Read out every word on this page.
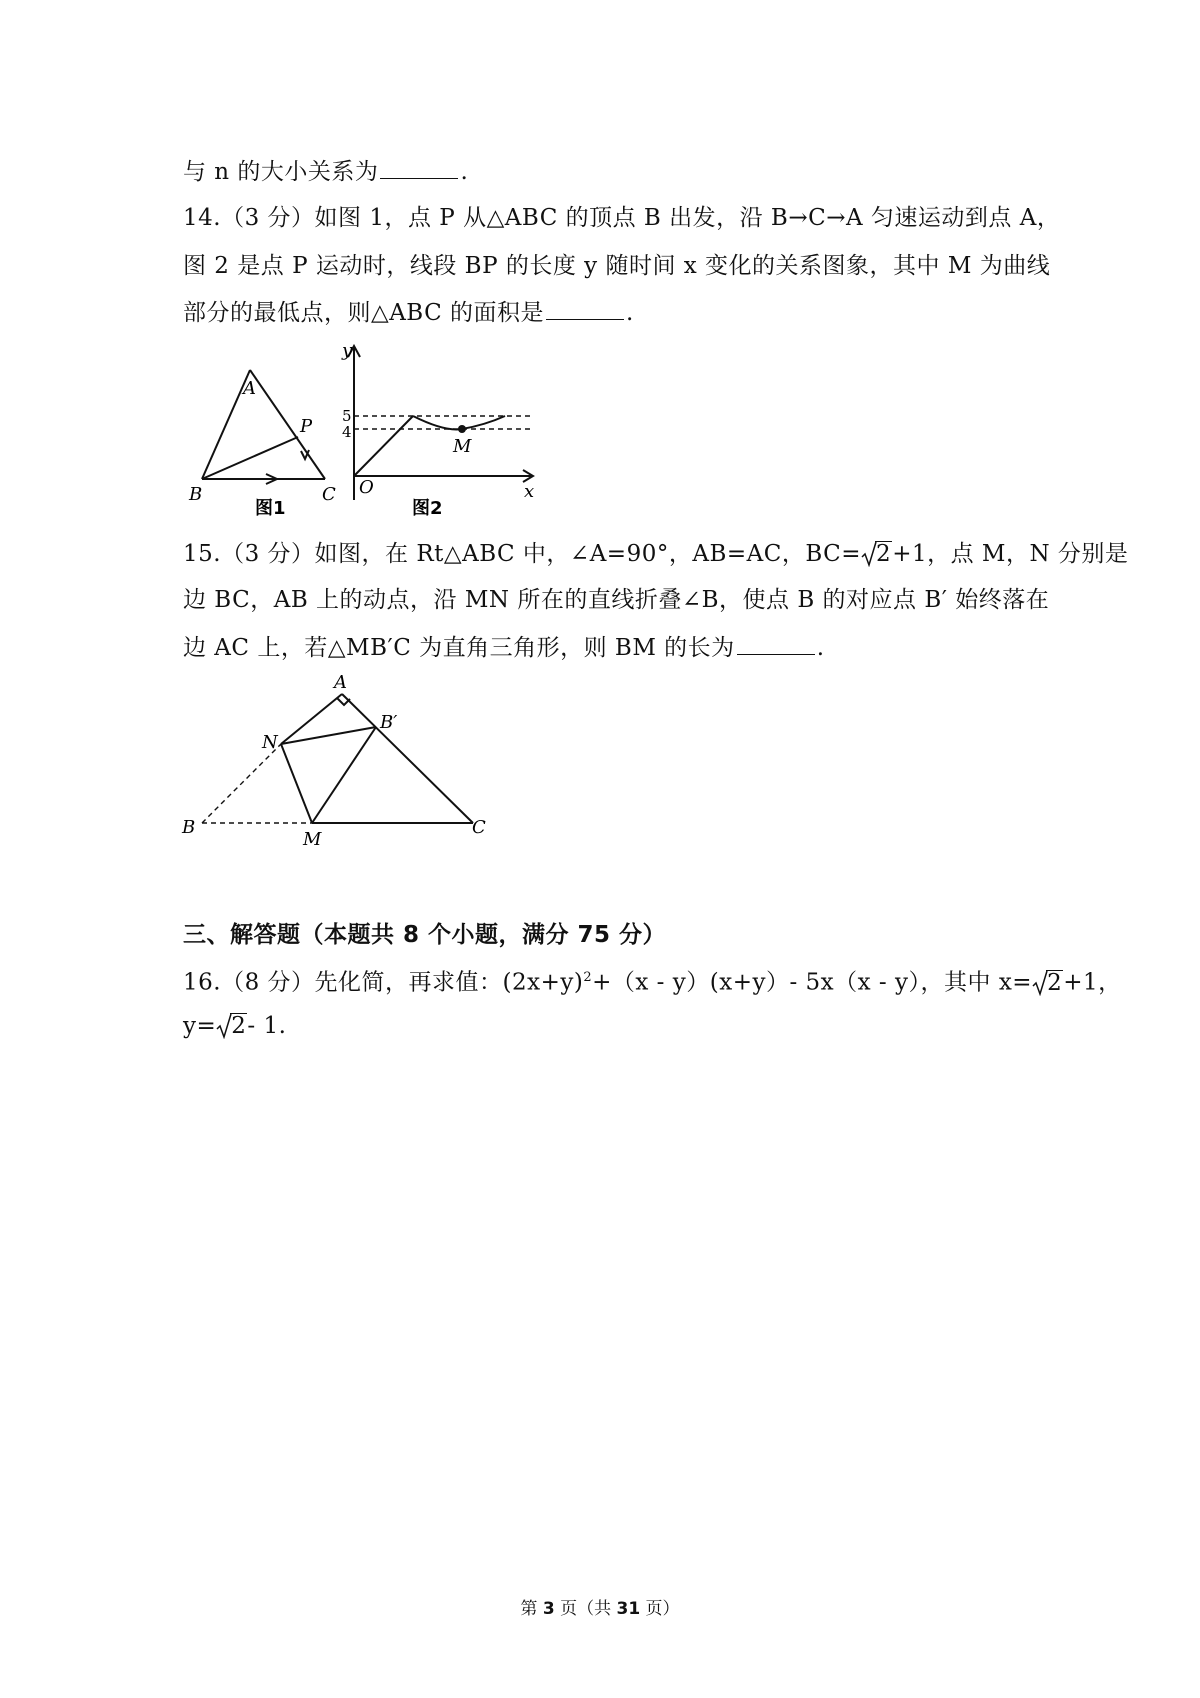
与 n 的大小关系为	.
14.（3 分）如图 1，点 P 从△ABC 的顶点 B 出发，沿 B→C→A 匀速运动到点 A，
图 2 是点 P 运动时，线段 BP 的长度 y 随时间 x 变化的关系图象，其中 M 为曲线
部分的最低点，则△ABC 的面积是	.
A
B	C
P
图1
y
x
O
5
4
M
图2
15.（3 分）如图，在 Rt△ABC 中，∠A=90°，AB=AC，BC= 2+1，点 M，N 分别是
边 BC，AB 上的动点，沿 MN 所在的直线折叠∠B，使点 B 的对应点 B′ 始终落在
边 AC 上，若△MB′C 为直角三角形，则 BM 的长为	.
A
B′
N
B
M
C
三、解答题（本题共 8 个小题，满分 75 分）
16.（8 分）先化简，再求值：$(2x+y)^2+(x - y)(x+y)-$ 5x（x - y），其中 x= 2+1，
y= 2- 1.
第 3 页（共 31 页）
